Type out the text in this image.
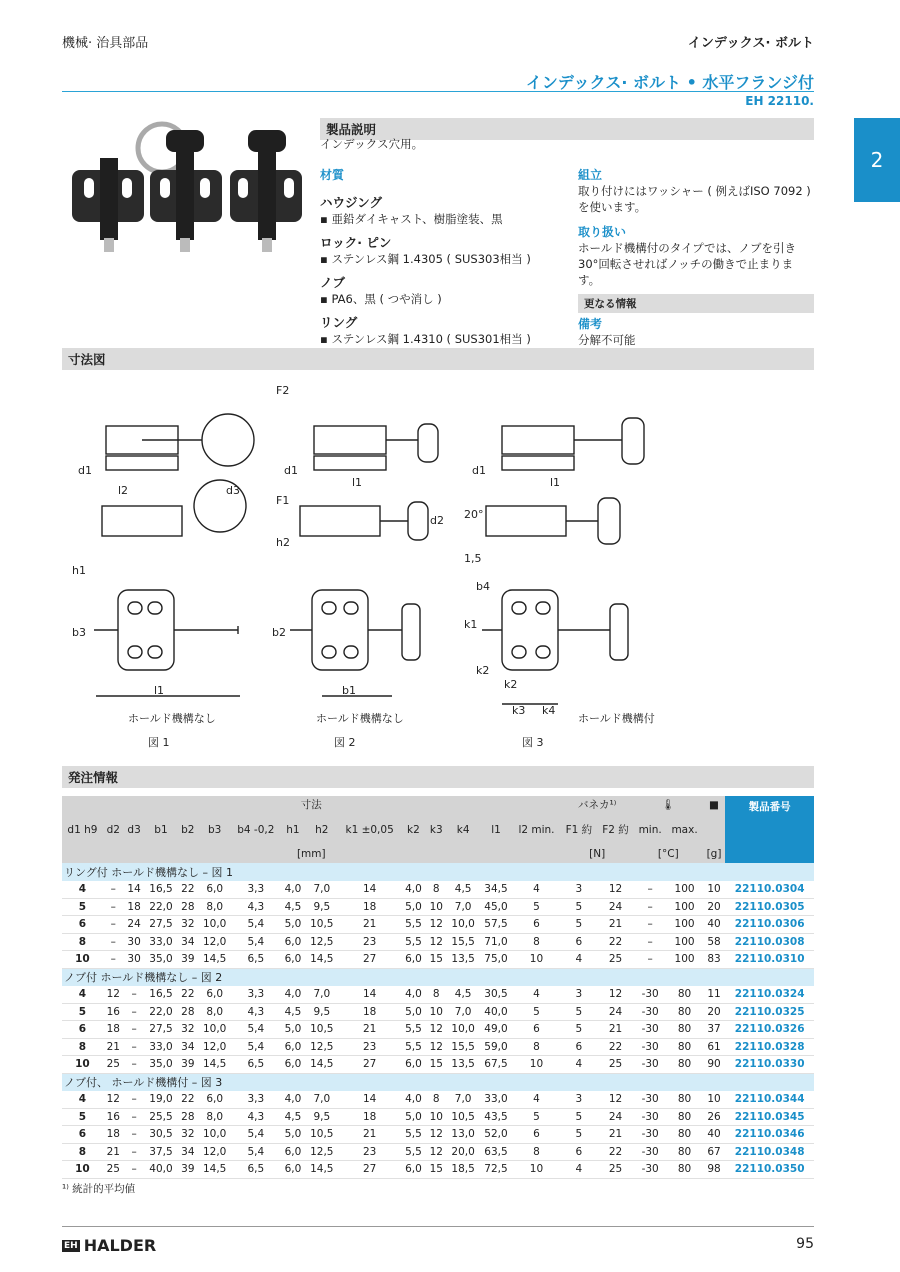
機械· 治具部品	インデックス· ボルト
インデックス· ボルト • 水平フランジ付
EH 22110.
2
製品説明
インデックス穴用。
材質
ハウジング
▪ 亜鉛ダイキャスト、樹脂塗装、黒
ロック· ピン
▪ ステンレス鋼 1.4305 ( SUS303相当 )
ノブ
▪ PA6、黒 ( つや消し )
リング
▪ ステンレス鋼 1.4310 ( SUS301相当 )
組立
取り付けにはワッシャー ( 例えばISO 7092 ) を使います。
取り扱い
ホールド機構付のタイプでは、ノブを引き 30°回転させればノッチの働きで止まります。
更なる情報
備考
分解不可能
寸法図
d1
l2	d3
h1
b3
l1
F2
d1
l1
F1
h2
d2
b2
b1
d1
l1
20°
1,5
b4
k1
k2
k2
k3 k4
ホールド機構なし
図 1
ホールド機構なし
図 2
ホールド機構付
図 3
発注情報
寸法															バネカ¹⁾		🌡		■	製品番号
d1 h9	d2	d3	b1	b2	b3	b4 -0,2	h1	h2	k1 ±0,05	k2	k3	k4	l1	l2 min.	F1 約	F2 約	min.	max.		
[mm]															[N]		[°C]		[g]	
リング付 ホールド機構なし – 図 1																				
4	–	14	16,5	22	6,0	3,3	4,0	7,0	14	4,0	8	4,5	34,5	4	3	12	–	100	10	22110.0304
5	–	18	22,0	28	8,0	4,3	4,5	9,5	18	5,0	10	7,0	45,0	5	5	24	–	100	20	22110.0305
6	–	24	27,5	32	10,0	5,4	5,0	10,5	21	5,5	12	10,0	57,5	6	5	21	–	100	40	22110.0306
8	–	30	33,0	34	12,0	5,4	6,0	12,5	23	5,5	12	15,5	71,0	8	6	22	–	100	58	22110.0308
10	–	30	35,0	39	14,5	6,5	6,0	14,5	27	6,0	15	13,5	75,0	10	4	25	–	100	83	22110.0310
ノブ付 ホールド機構なし – 図 2																				
4	12	–	16,5	22	6,0	3,3	4,0	7,0	14	4,0	8	4,5	30,5	4	3	12	-30	80	11	22110.0324
5	16	–	22,0	28	8,0	4,3	4,5	9,5	18	5,0	10	7,0	40,0	5	5	24	-30	80	20	22110.0325
6	18	–	27,5	32	10,0	5,4	5,0	10,5	21	5,5	12	10,0	49,0	6	5	21	-30	80	37	22110.0326
8	21	–	33,0	34	12,0	5,4	6,0	12,5	23	5,5	12	15,5	59,0	8	6	22	-30	80	61	22110.0328
10	25	–	35,0	39	14,5	6,5	6,0	14,5	27	6,0	15	13,5	67,5	10	4	25	-30	80	90	22110.0330
ノブ付、 ホールド機構付 – 図 3																				
4	12	–	19,0	22	6,0	3,3	4,0	7,0	14	4,0	8	7,0	33,0	4	3	12	-30	80	10	22110.0344
5	16	–	25,5	28	8,0	4,3	4,5	9,5	18	5,0	10	10,5	43,5	5	5	24	-30	80	26	22110.0345
6	18	–	30,5	32	10,0	5,4	5,0	10,5	21	5,5	12	13,0	52,0	6	5	21	-30	80	40	22110.0346
8	21	–	37,5	34	12,0	5,4	6,0	12,5	23	5,5	12	20,0	63,5	8	6	22	-30	80	67	22110.0348
10	25	–	40,0	39	14,5	6,5	6,0	14,5	27	6,0	15	18,5	72,5	10	4	25	-30	80	98	22110.0350
¹⁾ 統計的平均値
EH HALDER	95
